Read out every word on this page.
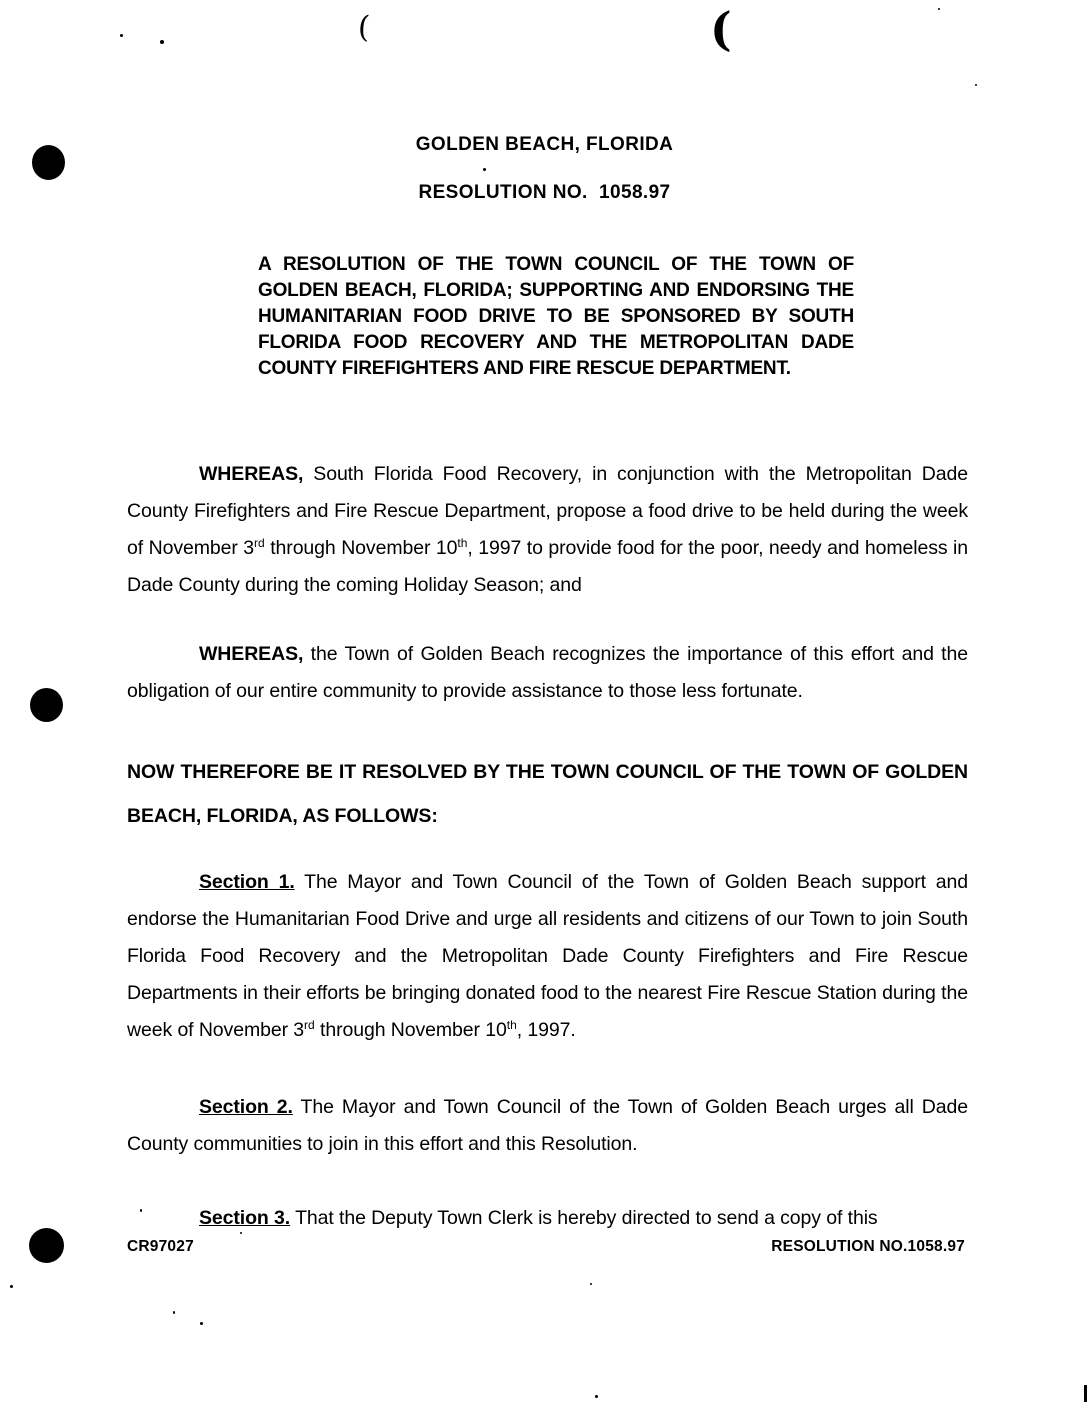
(	(
GOLDEN BEACH, FLORIDA
RESOLUTION NO.  1058.97
A RESOLUTION OF THE TOWN COUNCIL OF THE TOWN OF GOLDEN BEACH, FLORIDA; SUPPORTING AND ENDORSING THE HUMANITARIAN FOOD DRIVE TO BE SPONSORED BY SOUTH FLORIDA FOOD RECOVERY AND THE METROPOLITAN DADE COUNTY FIREFIGHTERS AND FIRE RESCUE DEPARTMENT.

WHEREAS, South Florida Food Recovery, in conjunction with the Metropolitan Dade County Firefighters and Fire Rescue Department, propose a food drive to be held during the week of November 3rd through November 10th, 1997 to provide food for the poor, needy and homeless in Dade County during the coming Holiday Season; and

WHEREAS, the Town of Golden Beach recognizes the importance of this effort and the obligation of our entire community to provide assistance to those less fortunate.

NOW THEREFORE BE IT RESOLVED BY THE TOWN COUNCIL OF THE TOWN OF GOLDEN BEACH, FLORIDA, AS FOLLOWS:

Section 1. The Mayor and Town Council of the Town of Golden Beach support and endorse the Humanitarian Food Drive and urge all residents and citizens of our Town to join South Florida Food Recovery and the Metropolitan Dade County Firefighters and Fire Rescue Departments in their efforts be bringing donated food to the nearest Fire Rescue Station during the week of November 3rd through November 10th, 1997.

Section 2. The Mayor and Town Council of the Town of Golden Beach urges all Dade County communities to join in this effort and this Resolution.

Section 3. That the Deputy Town Clerk is hereby directed to send a copy of this

CR97027	RESOLUTION NO.1058.97
